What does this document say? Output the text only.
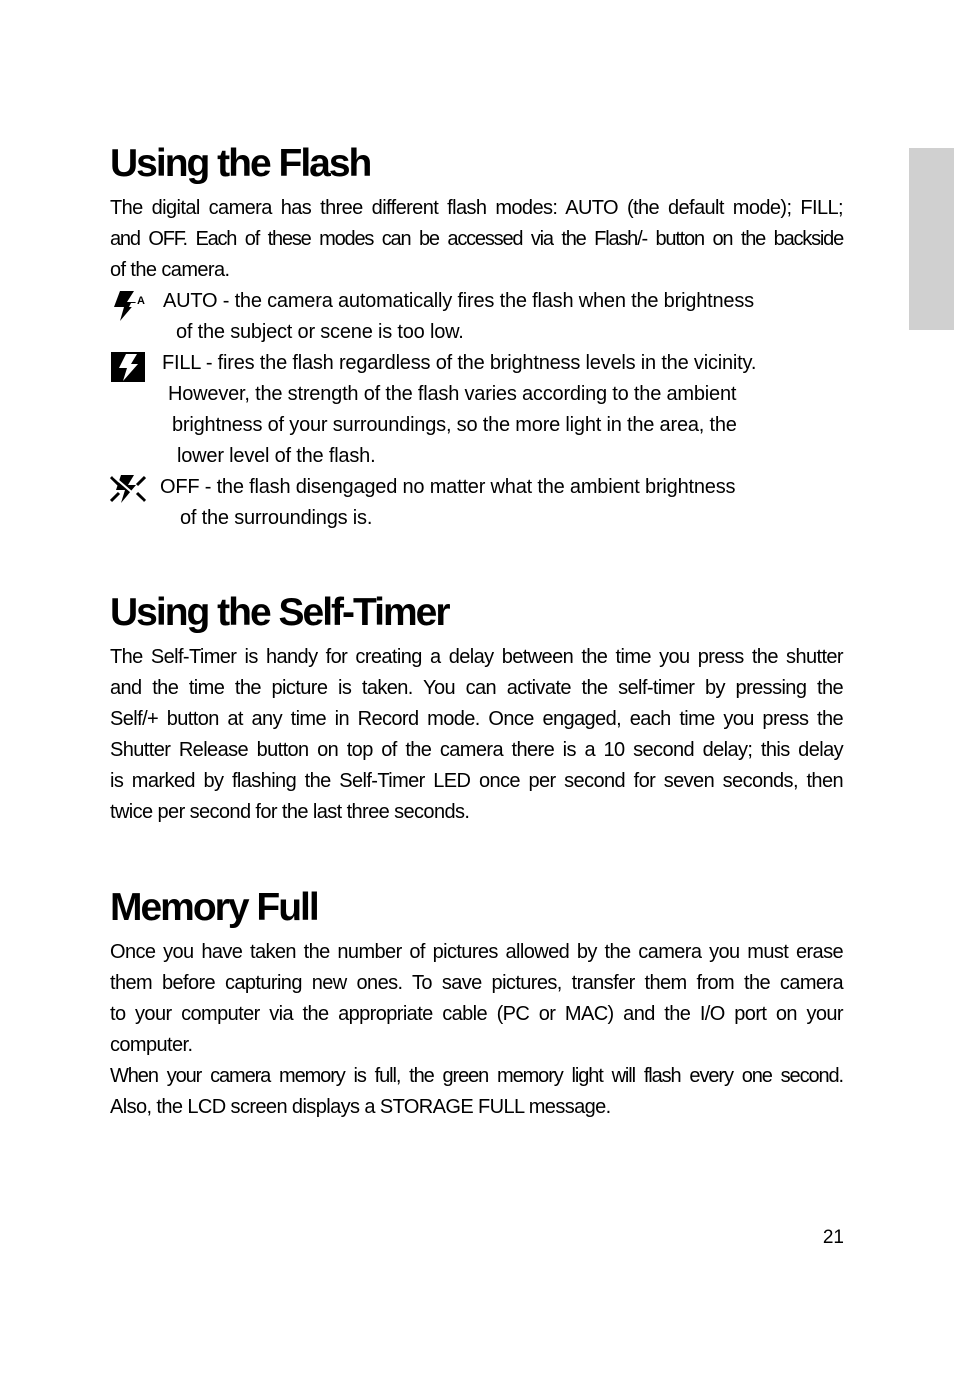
Using the Flash
The digital camera has three different flash modes: AUTO (the default mode); FILL;
and OFF. Each of these modes can be accessed via the Flash/- button on the backside
of the camera.
A AUTO - the camera automatically fires the flash when the brightness
of the subject or scene is too low.
FILL - fires the flash regardless of the brightness levels in the vicinity.
However, the strength of the flash varies according to the ambient
brightness of your surroundings, so the more light in the area, the
lower level of the flash.
OFF - the flash disengaged no matter what the ambient brightness
of the surroundings is.
Using the Self-Timer
The Self-Timer is handy for creating a delay between the time you press the shutter
and the time the picture is taken. You can activate the self-timer by pressing the
Self/+ button at any time in Record mode. Once engaged, each time you press the
Shutter Release button on top of the camera there is a 10 second delay; this delay
is marked by flashing the Self-Timer LED once per second for seven seconds, then
twice per second for the last three seconds.
Memory Full
Once you have taken the number of pictures allowed by the camera you must erase
them before capturing new ones. To save pictures, transfer them from the camera
to your computer via the appropriate cable (PC or MAC) and the I/O port on your
computer.
When your camera memory is full, the green memory light will flash every one second.
Also, the LCD screen displays a STORAGE FULL message.
21
